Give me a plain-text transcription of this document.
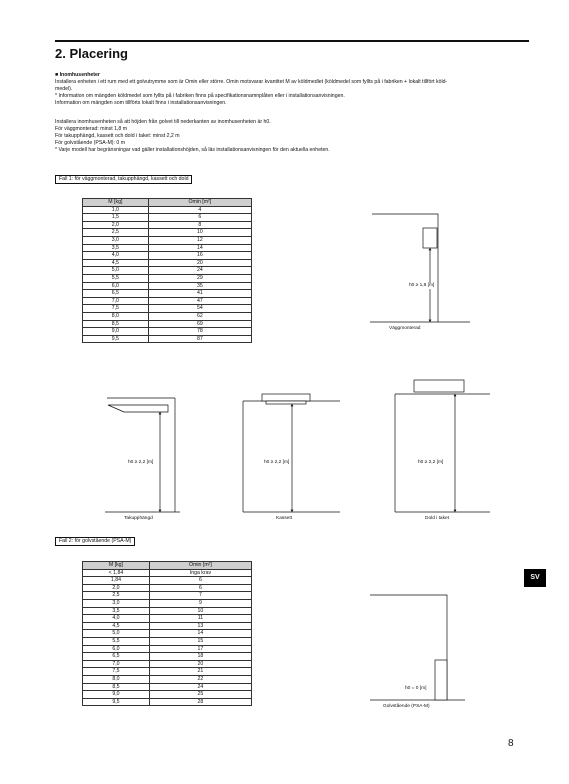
2. Placering
■ Inomhusenheter
Installera enheten i ett rum med ett golvutrymme som är Omin eller större. Omin motsvarar kvantitet M av köldmedlet (köldmedel som fyllts på i fabriken + lokalt tillfört köld-
medel).
* Information om mängden köldmedel som fyllts på i fabriken finns på specifikationsnamnplåten eller i installationsanvisningen.
Information om mängden som tillförts lokalt finns i installationsanvisningen.
Installera inomhusenheten så att höjden från golvet till nederkanten av inomhusenheten är h0.
För väggmonterad: minst 1,8 m
För takupphängd, kassett och dold i taket: minst 2,2 m
För golvstående (PSA-M): 0 m
* Varje modell har begränsningar vad gäller installationshöjden, så läs installationsanvisningen för den aktuella enheten.
Fall 1: för väggmonterad, takupphängd, kassett och dold
M [kg]	Omin [m²]
1,0	4
1,5	6
2,0	8
2,5	10
3,0	12
3,5	14
4,0	16
4,5	20
5,0	24
5,5	29
6,0	35
6,5	41
7,0	47
7,5	54
8,0	62
8,5	69
9,0	78
9,5	87
Fall 2: för golvstående (PSA-M)
M [kg]	Omin [m²]
< 1,84	Inga krav
1,84	6
2,0	6
2,5	7
3,0	9
3,5	10
4,0	11
4,5	13
5,0	14
5,5	15
6,0	17
6,5	18
7,0	20
7,5	21
8,0	22
8,5	24
9,0	25
9,5	28
h0 ≥ 1,8 [m]
Väggmonterad
h0 ≥ 2,2 [m]
Takupphängd
h0 ≥ 2,2 [m]
Kassett
h0 ≥ 2,2 [m]
Dold i taket
h0 = 0 [m]
Golvstående (PSA-M)
SV
8
